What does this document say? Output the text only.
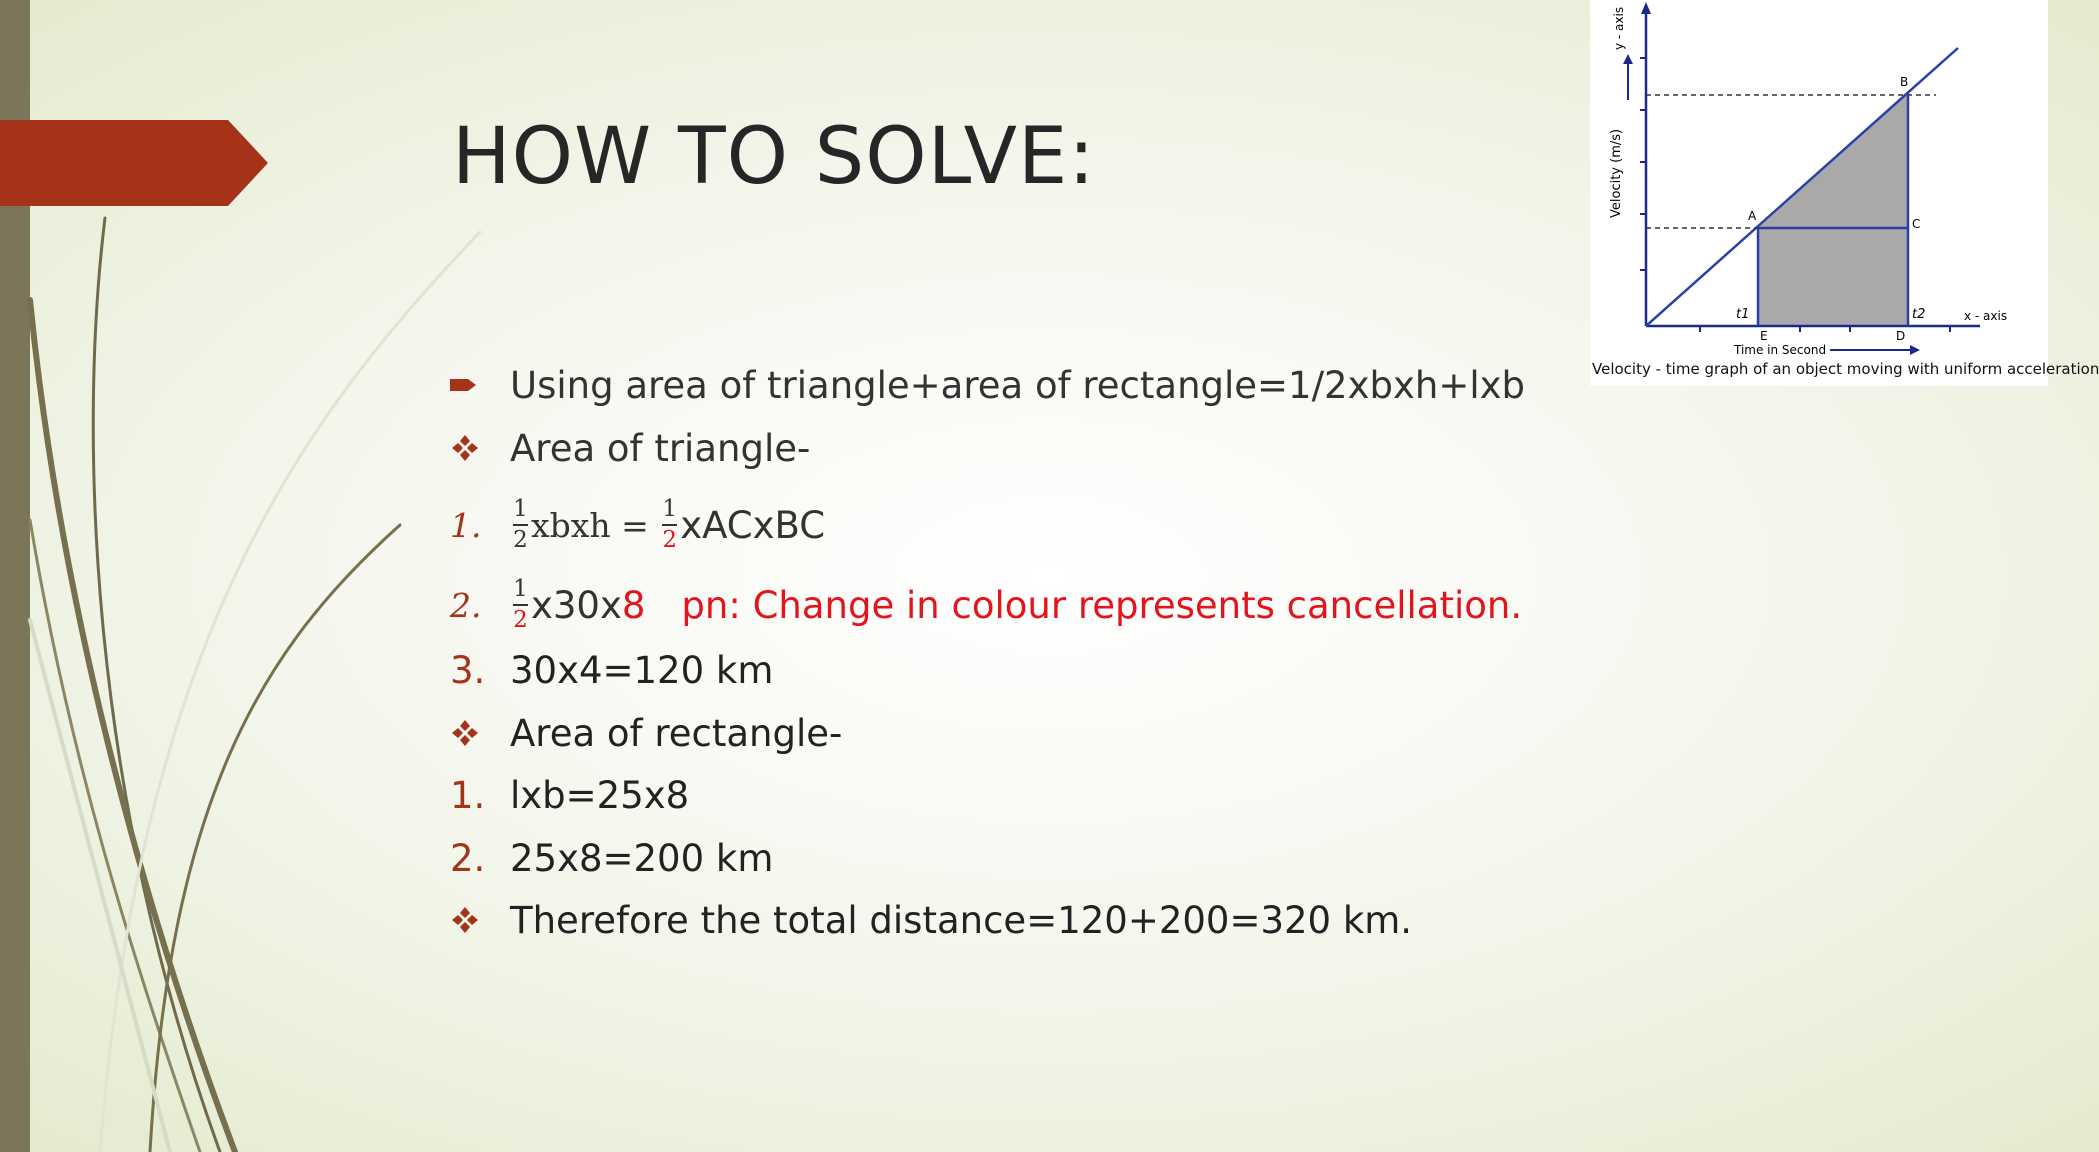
HOW TO SOLVE:
Using area of triangle+area of rectangle=1/2xbxh+lxb
Area of triangle-
1.	$\frac{1}{2}$ xbxh = $\frac{1}{2}$ xACxBC
2.	$\frac{1}{2} x30x$ 8 pn: Change in colour represents cancellation.
3. 30x4=120 km
Area of rectangle-
1. lxb=25x8
2. 25x8=200 km
Therefore the total distance=120+200=320 km.
B
A
C
D
E
t1	t2	x - axis
Time in Second
Velocity (m/s)
y - axis
Velocity - time graph of an object moving with uniform acceleration
